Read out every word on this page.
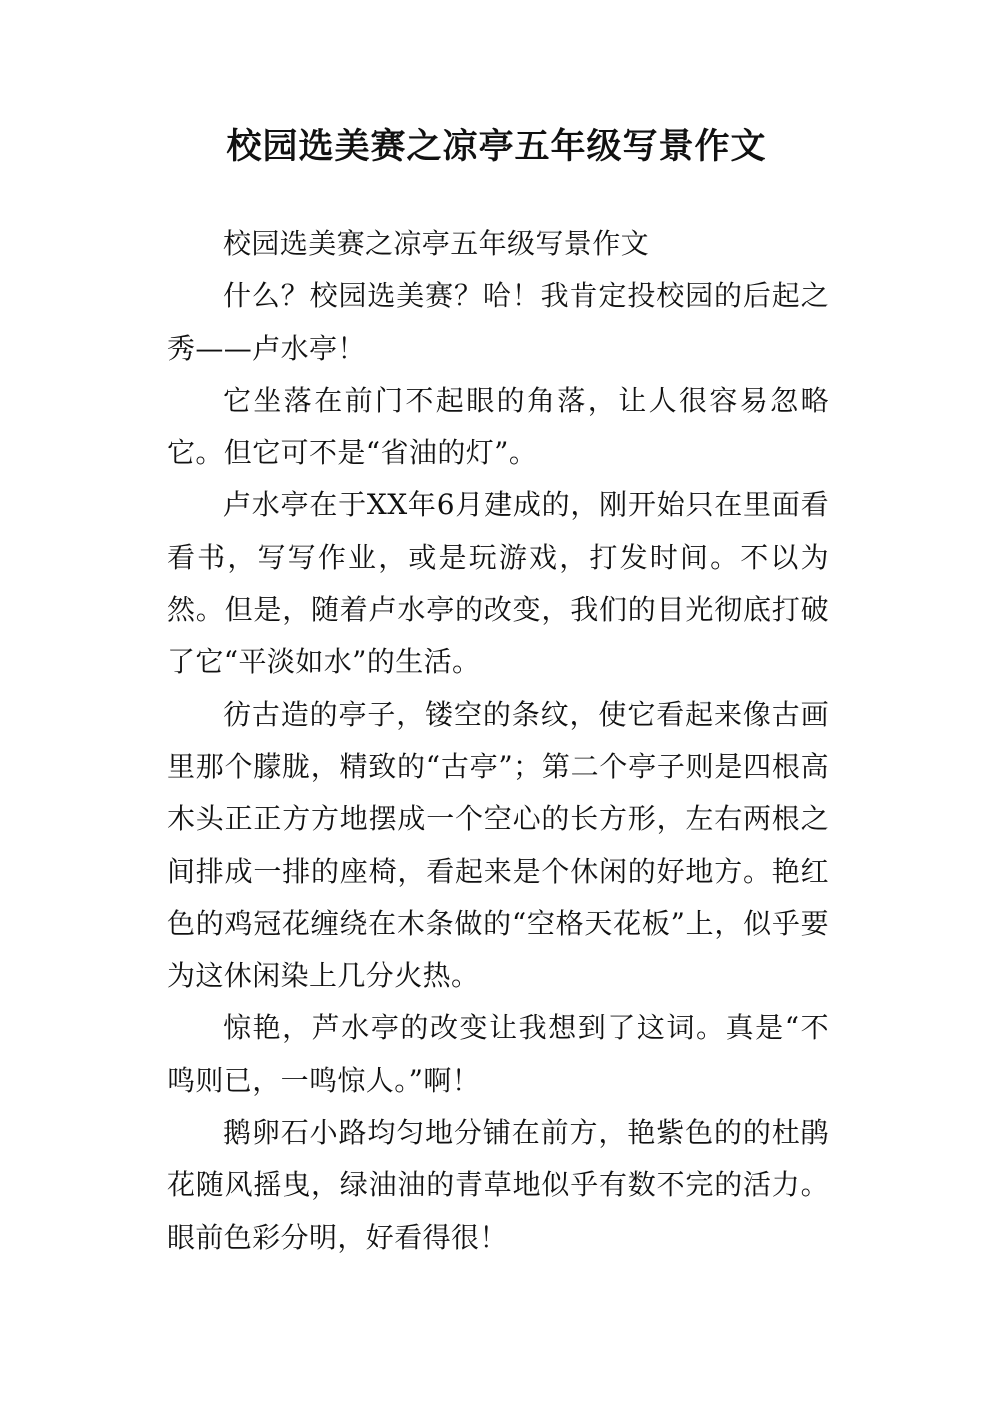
校园选美赛之凉亭五年级写景作文

校园选美赛之凉亭五年级写景作文

什么？校园选美赛？哈！我肯定投校园的后起之秀——卢水亭！

它坐落在前门不起眼的角落，让人很容易忽略它。但它可不是“省油的灯”。

卢水亭在于XX年6月建成的，刚开始只在里面看看书，写写作业，或是玩游戏，打发时间。不以为然。但是，随着卢水亭的改变，我们的目光彻底打破了它“平淡如水”的生活。

彷古造的亭子，镂空的条纹，使它看起来像古画里那个朦胧，精致的“古亭”；第二个亭子则是四根高木头正正方方地摆成一个空心的长方形，左右两根之间排成一排的座椅，看起来是个休闲的好地方。艳红色的鸡冠花缠绕在木条做的“空格天花板”上，似乎要为这休闲染上几分火热。

惊艳，芦水亭的改变让我想到了这词。真是“不鸣则已，一鸣惊人。”啊！

鹅卵石小路均匀地分铺在前方，艳紫色的的杜鹃花随风摇曳，绿油油的青草地似乎有数不完的活力。眼前色彩分明，好看得很！
